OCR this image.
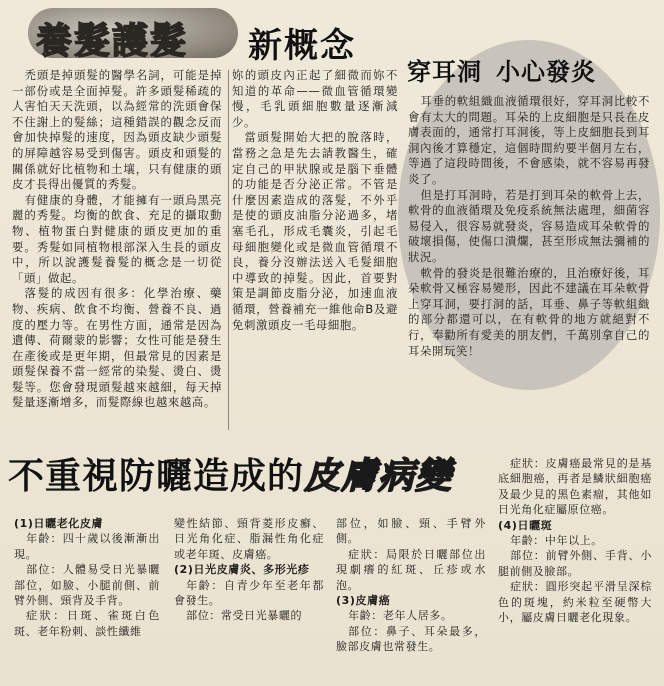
養髮護髮 新概念
穿耳洞 小心發炎

禿頭是掉頭髮的醫學名詞，可能是掉一部份或是全面掉髮。許多頭髮稀疏的人害怕天天洗頭，以為經常的洗頭會保不住謝上的髮絲；這種錯誤的觀念反而會加快掉髮的速度，因為頭皮缺少頭髮的屏障越容易受到傷害。頭皮和頭髮的關係就好比植物和土壤，只有健康的頭皮才長得出優質的秀髮。

有健康的身體，才能擁有一頭烏黑亮麗的秀髮。均衡的飲食、充足的攝取動物、植物蛋白對健康的頭皮更加的重要。秀髮如同植物根部深入生長的頭皮中，所以說護髮養髮的概念是一切從「頭」做起。

落髮的成因有很多：化學治療、藥物、疾病、飲食不均衡、營養不良、過度的壓力等。在男性方面，通常是因為遺傳、荷爾蒙的影響；女性可能是發生在產後或是更年期，但最常見的因素是頭髮保養不當一經常的染髮、燙白、燙髮等。您會發現頭髮越來越細，每天掉髮量逐漸增多，而髮際線也越來越高。

妳的頭皮內正起了細微而妳不知道的革命——微血管循環變慢，毛乳頭細胞數量逐漸減少。

當頭髮開始大把的脫落時，當務之急是先去請教醫生，確定自己的甲狀腺或是腦下垂體的功能是否分泌正常。不管是什麼因素造成的落髮，不外乎是使的頭皮油脂分泌過多，堵塞毛孔，形成毛囊炎，引起毛母細胞變化或是微血管循環不良，養分沒辦法送入毛髮細胞中導致的掉髮。因此，首要對策是調節皮脂分泌，加速血液循環，營養補充一維他命B及避免刺激頭皮一毛母細胞。

耳垂的軟組織血液循環很好，穿耳洞比較不會有太大的問題。耳朵的上皮細胞是只長在皮膚表面的，通常打耳洞後，等上皮細胞長到耳洞內後才算穩定，這個時間約要半個月左右，等過了這段時間後，不會感染，就不容易再發炎了。

但是打耳洞時，若是打到耳朵的軟骨上去，軟骨的血液循環及免疫系統無法處理，細菌容易侵入，很容易就發炎，容易造成耳朵軟骨的破壞損傷，使傷口潰爛，甚至形成無法彌補的狀況。

軟骨的發炎是很難治療的，且治療好後，耳朵軟骨又極容易變形，因此不建議在耳朵軟骨上穿耳洞，要打洞的話，耳垂、鼻子等軟組織的部分都還可以，在有軟骨的地方就絕對不行，奉勸所有愛美的朋友們，千萬別拿自己的耳朵開玩笑！

不重視防曬造成的皮膚病變

(1)日曬老化皮膚

年齡：四十歲以後漸漸出現。

部位：人體易受日光暴曬部位，如臉、小腿前側、前臂外側、頸背及手背。

症狀：日斑、雀斑白色斑、老年粉刺、談性纖維

變性結節、頸背菱形皮癬、日光角化症、脂漏性角化症或老年斑、皮膚癌。

(2)日光皮膚炎、多形光疹

年齡：自青少年至老年都會發生。

部位：常受日光暴曬的

部位，如臉、頸、手臂外側。

症狀：局限於日曬部位出現劇癢的紅斑、丘疹或水泡。

(3)皮膚癌

年齡：老年人居多。

部位：鼻子、耳朵最多，臉部皮膚也常發生。

症狀：皮膚癌最常見的是基底細胞癌，再者是鱗狀細胞癌及最少見的黑色素瘤，其他如日光角化症屬原位癌。

(4)日曬斑

年齡：中年以上。

部位：前臂外側、手背、小腿前側及臉部。

症狀：圓形突起平滑呈深棕色的斑塊，約米粒至硬幣大小，屬皮膚日曬老化現象。
